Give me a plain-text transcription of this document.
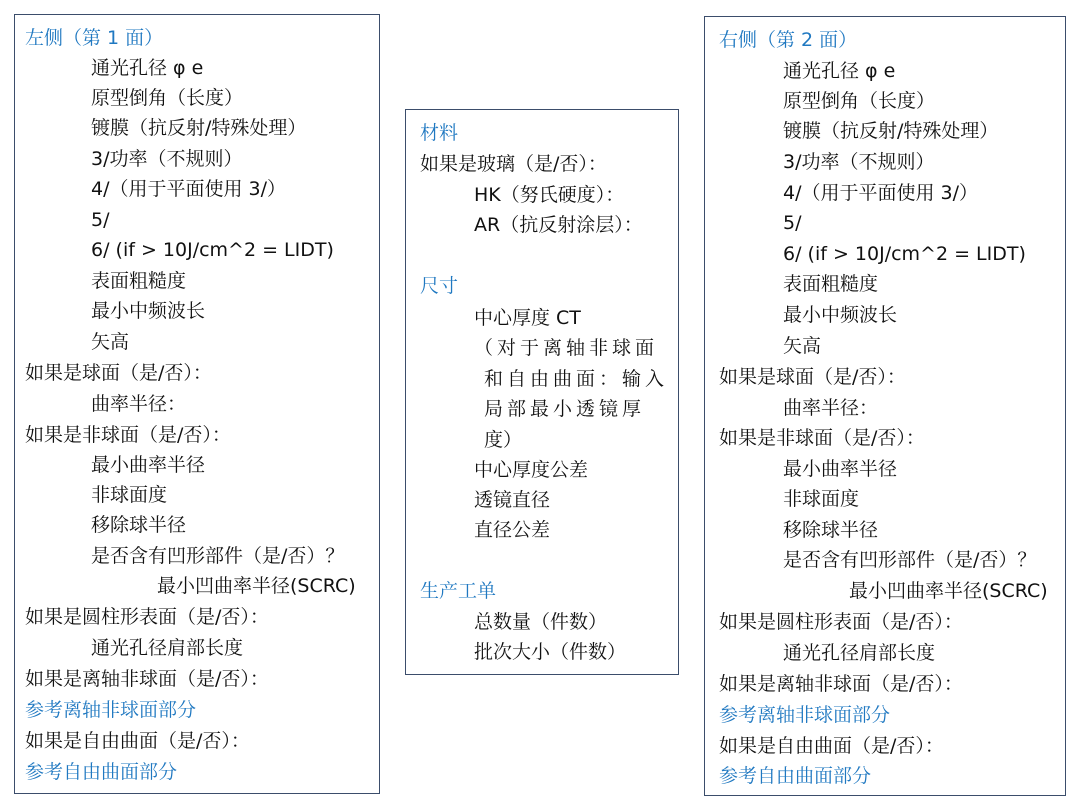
左侧（第 1 面）
通光孔径 φ e
原型倒角（长度）
镀膜（抗反射/特殊处理）
3/功率（不规则）
4/（用于平面使用 3/）
5/
6/ (if > 10J/cm^2 = LIDT)
表面粗糙度
最小中频波长
矢高
如果是球面（是/否）：
曲率半径：
如果是非球面（是/否）：
最小曲率半径
非球面度
移除球半径
是否含有凹形部件（是/否）？
最小凹曲率半径(SCRC)
如果是圆柱形表面（是/否）：
通光孔径肩部长度
如果是离轴非球面（是/否）：
参考离轴非球面部分
如果是自由曲面（是/否）：
参考自由曲面部分
材料
如果是玻璃（是/否）：
HK（努氏硬度）：
AR（抗反射涂层）：
尺寸
中心厚度 CT
（对于离轴非球面
和自由曲面：输入
局部最小透镜厚
度）
中心厚度公差
透镜直径
直径公差
生产工单
总数量（件数）
批次大小（件数）
右侧（第 2 面）
通光孔径 φ e
原型倒角（长度）
镀膜（抗反射/特殊处理）
3/功率（不规则）
4/（用于平面使用 3/）
5/
6/ (if > 10J/cm^2 = LIDT)
表面粗糙度
最小中频波长
矢高
如果是球面（是/否）：
曲率半径：
如果是非球面（是/否）：
最小曲率半径
非球面度
移除球半径
是否含有凹形部件（是/否）？
最小凹曲率半径(SCRC)
如果是圆柱形表面（是/否）：
通光孔径肩部长度
如果是离轴非球面（是/否）：
参考离轴非球面部分
如果是自由曲面（是/否）：
参考自由曲面部分
